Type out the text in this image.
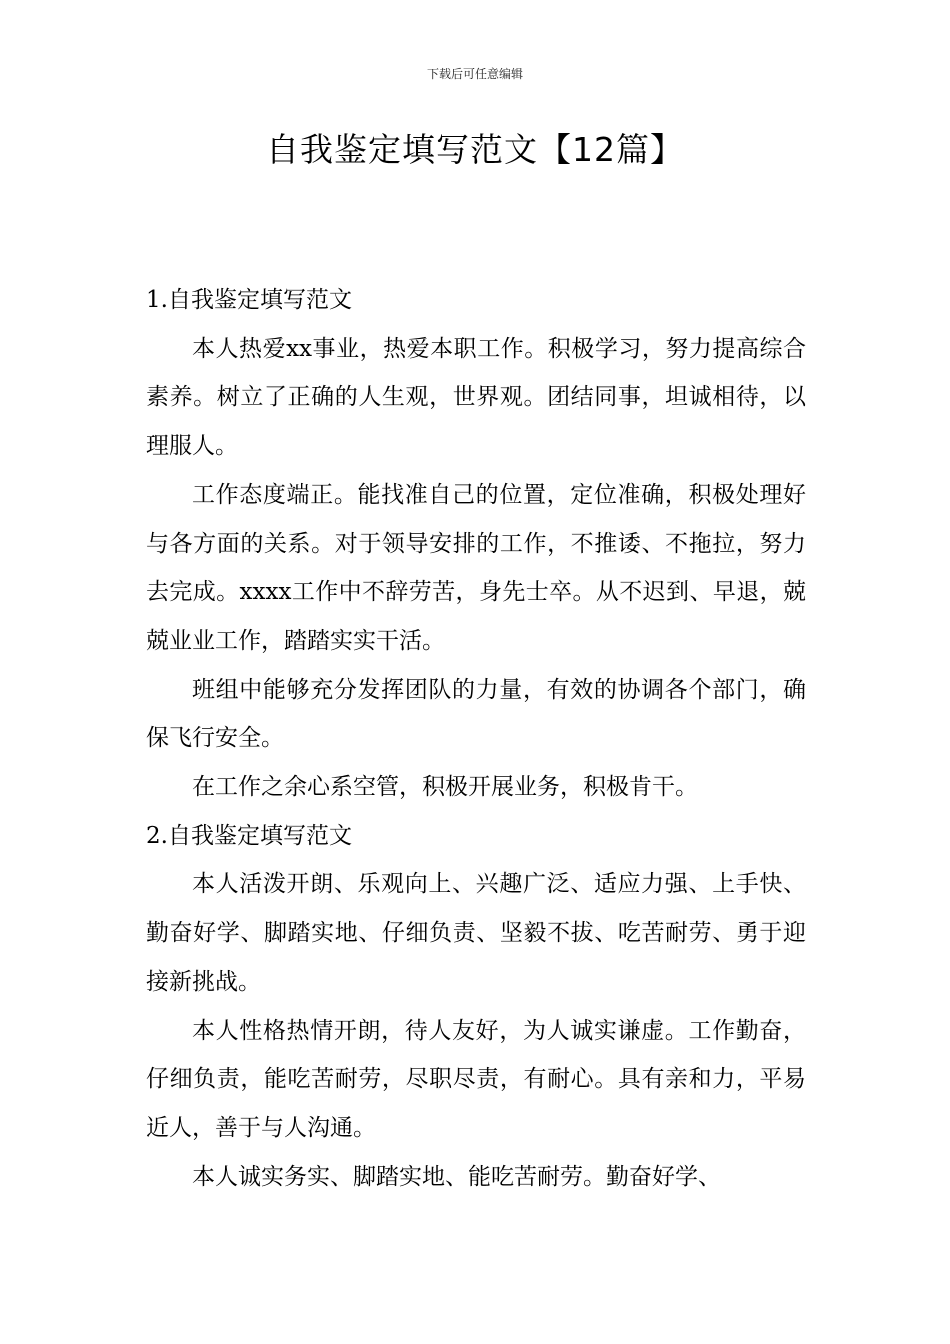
下载后可任意编辑
自我鉴定填写范文【12篇】

1.自我鉴定填写范文

本人热爱xx事业，热爱本职工作。积极学习，努力提高综合素养。树立了正确的人生观，世界观。团结同事，坦诚相待，以理服人。

工作态度端正。能找准自己的位置，定位准确，积极处理好与各方面的关系。对于领导安排的工作，不推诿、不拖拉，努力去完成。xxxx工作中不辞劳苦，身先士卒。从不迟到、早退，兢兢业业工作，踏踏实实干活。

班组中能够充分发挥团队的力量，有效的协调各个部门，确保飞行安全。

在工作之余心系空管，积极开展业务，积极肯干。

2.自我鉴定填写范文

本人活泼开朗、乐观向上、兴趣广泛、适应力强、上手快、勤奋好学、脚踏实地、仔细负责、坚毅不拔、吃苦耐劳、勇于迎接新挑战。

本人性格热情开朗，待人友好，为人诚实谦虚。工作勤奋，仔细负责，能吃苦耐劳，尽职尽责，有耐心。具有亲和力，平易近人，善于与人沟通。

本人诚实务实、脚踏实地、能吃苦耐劳。勤奋好学、
